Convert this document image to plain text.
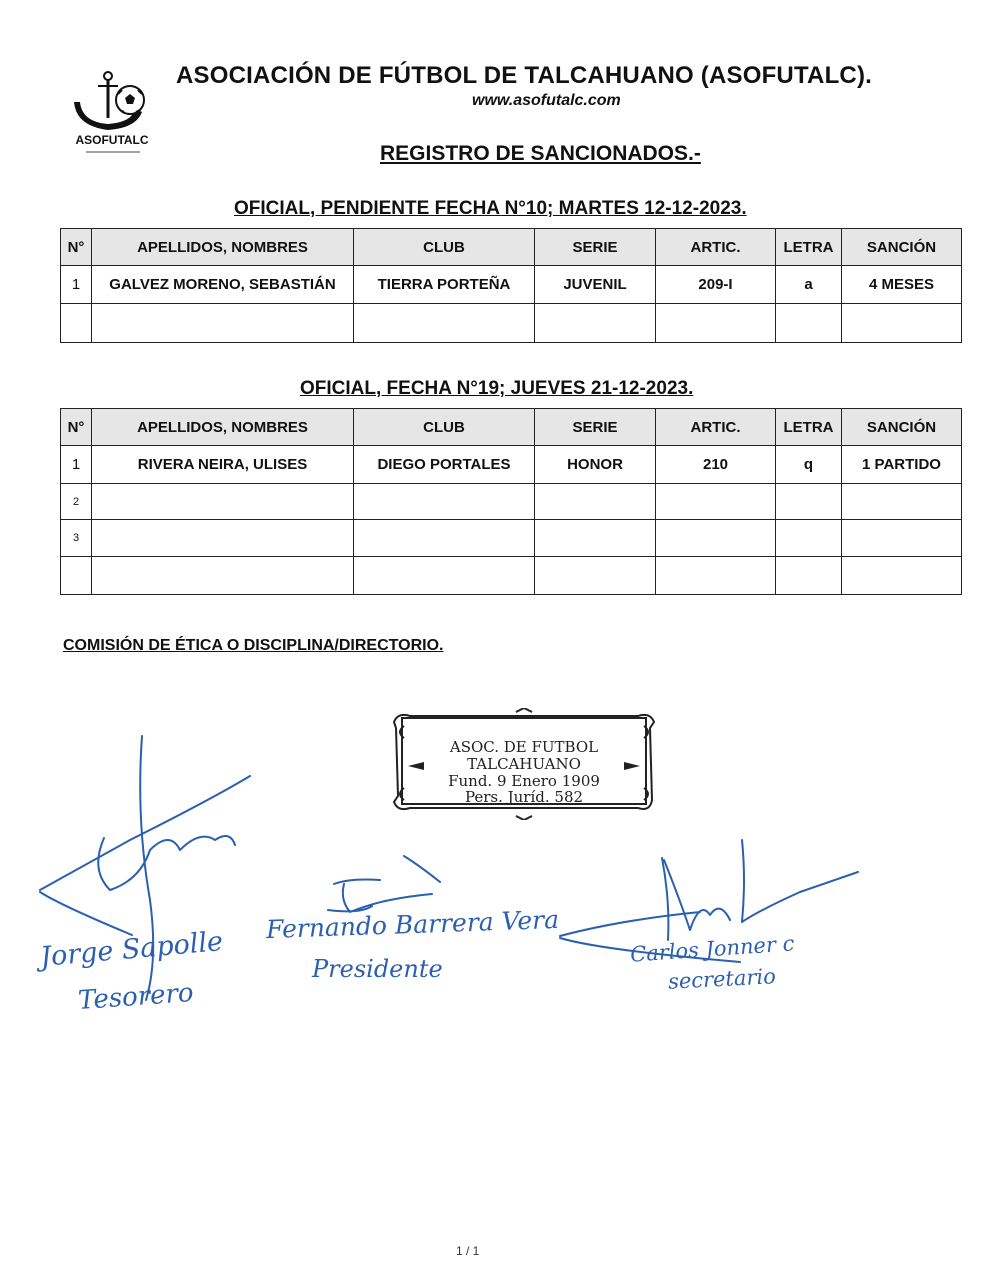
ASOFUTALC
ASOCIACIÓN DE FÚTBOL DE TALCAHUANO (ASOFUTALC).
www.asofutalc.com
REGISTRO DE SANCIONADOS.-
OFICIAL, PENDIENTE FECHA N°10; MARTES 12-12-2023.
N°	APELLIDOS, NOMBRES	CLUB	SERIE	ARTIC.	LETRA	SANCIÓN
1	GALVEZ MORENO, SEBASTIÁN	TIERRA PORTEÑA	JUVENIL	209-I	a	4 MESES

OFICIAL, FECHA N°19; JUEVES 21-12-2023.
N°	APELLIDOS, NOMBRES	CLUB	SERIE	ARTIC.	LETRA	SANCIÓN
1	RIVERA NEIRA, ULISES	DIEGO PORTALES	HONOR	210	q	1 PARTIDO
2						
3						

COMISIÓN DE ÉTICA O DISCIPLINA/DIRECTORIO.
ASOC. DE FUTBOL
TALCAHUANO
Fund. 9 Enero 1909
Pers. Juríd. 582
Jorge Sapolle
Tesorero
Fernando Barrera Vera
Presidente
Carlos Jonner c
secretario
1 / 1
